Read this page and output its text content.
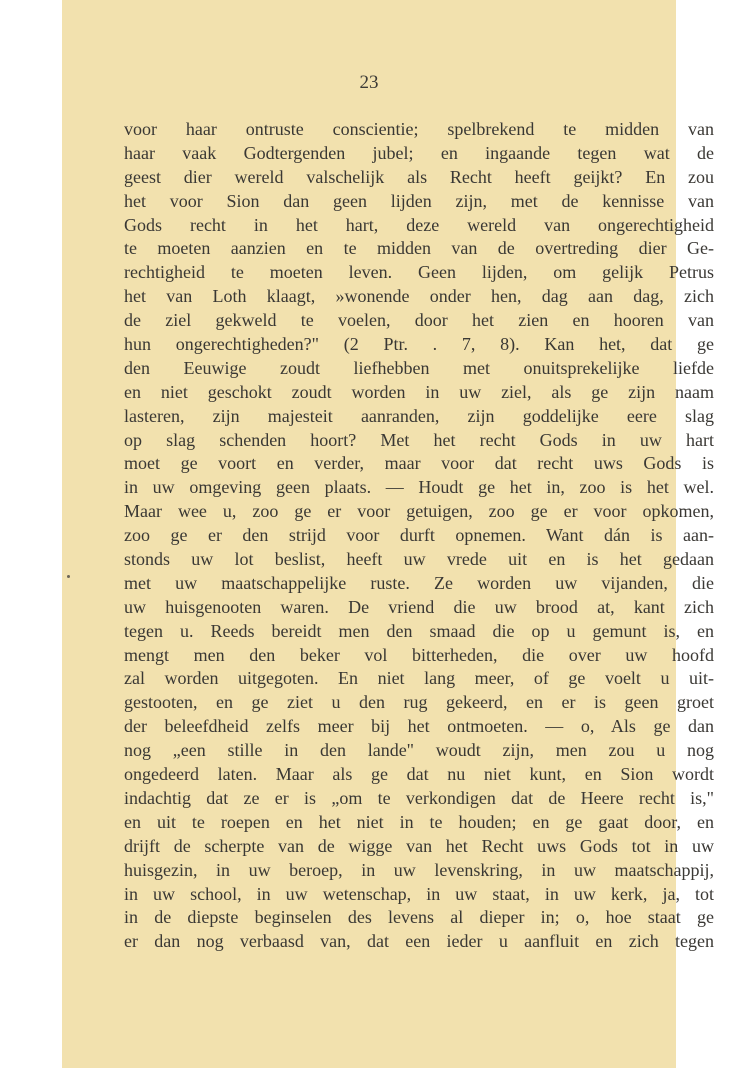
23
voor haar ontruste conscientie; spelbrekend te midden van
haar vaak Godtergenden jubel; en ingaande tegen wat de
geest dier wereld valschelijk als Recht heeft geijkt? En zou
het voor Sion dan geen lijden zijn, met de kennisse van
Gods recht in het hart, deze wereld van ongerechtigheid
te moeten aanzien en te midden van de overtreding dier Ge-
rechtigheid te moeten leven. Geen lijden, om gelijk Petrus
het van Loth klaagt, »wonende onder hen, dag aan dag, zich
de ziel gekweld te voelen, door het zien en hooren van
hun ongerechtigheden?" (2 Ptr. . 7, 8). Kan het, dat ge
den Eeuwige zoudt liefhebben met onuitsprekelijke liefde
en niet geschokt zoudt worden in uw ziel, als ge zijn naam
lasteren, zijn majesteit aanranden, zijn goddelijke eere slag
op slag schenden hoort? Met het recht Gods in uw hart
moet ge voort en verder, maar voor dat recht uws Gods is
in uw omgeving geen plaats. — Houdt ge het in, zoo is het wel.
Maar wee u, zoo ge er voor getuigen, zoo ge er voor opkomen,
zoo ge er den strijd voor durft opnemen. Want dán is aan-
stonds uw lot beslist, heeft uw vrede uit en is het gedaan
met uw maatschappelijke ruste. Ze worden uw vijanden, die
uw huisgenooten waren. De vriend die uw brood at, kant zich
tegen u. Reeds bereidt men den smaad die op u gemunt is, en
mengt men den beker vol bitterheden, die over uw hoofd
zal worden uitgegoten. En niet lang meer, of ge voelt u uit-
gestooten, en ge ziet u den rug gekeerd, en er is geen groet
der beleefdheid zelfs meer bij het ontmoeten. — o, Als ge dan
nog „een stille in den lande" woudt zijn, men zou u nog
ongedeerd laten. Maar als ge dat nu niet kunt, en Sion wordt
indachtig dat ze er is „om te verkondigen dat de Heere recht is,"
en uit te roepen en het niet in te houden; en ge gaat door, en
drijft de scherpte van de wigge van het Recht uws Gods tot in uw
huisgezin, in uw beroep, in uw levenskring, in uw maatschappij,
in uw school, in uw wetenschap, in uw staat, in uw kerk, ja, tot
in de diepste beginselen des levens al dieper in; o, hoe staat ge
er dan nog verbaasd van, dat een ieder u aanfluit en zich tegen
